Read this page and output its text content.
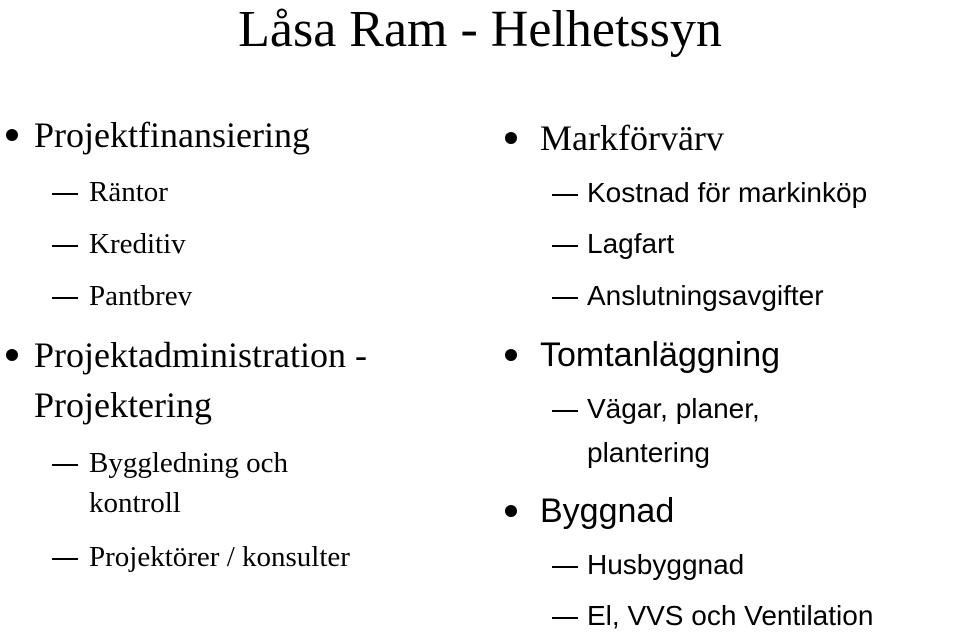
Låsa Ram - Helhetssyn
Projektfinansiering
Räntor
Kreditiv
Pantbrev
Projektadministration -
Projektering
Byggledning och
kontroll
Projektörer / konsulter
Markförvärv
Kostnad för markinköp
Lagfart
Anslutningsavgifter
Tomtanläggning
Vägar, planer,
plantering
Byggnad
Husbyggnad
El, VVS och Ventilation
